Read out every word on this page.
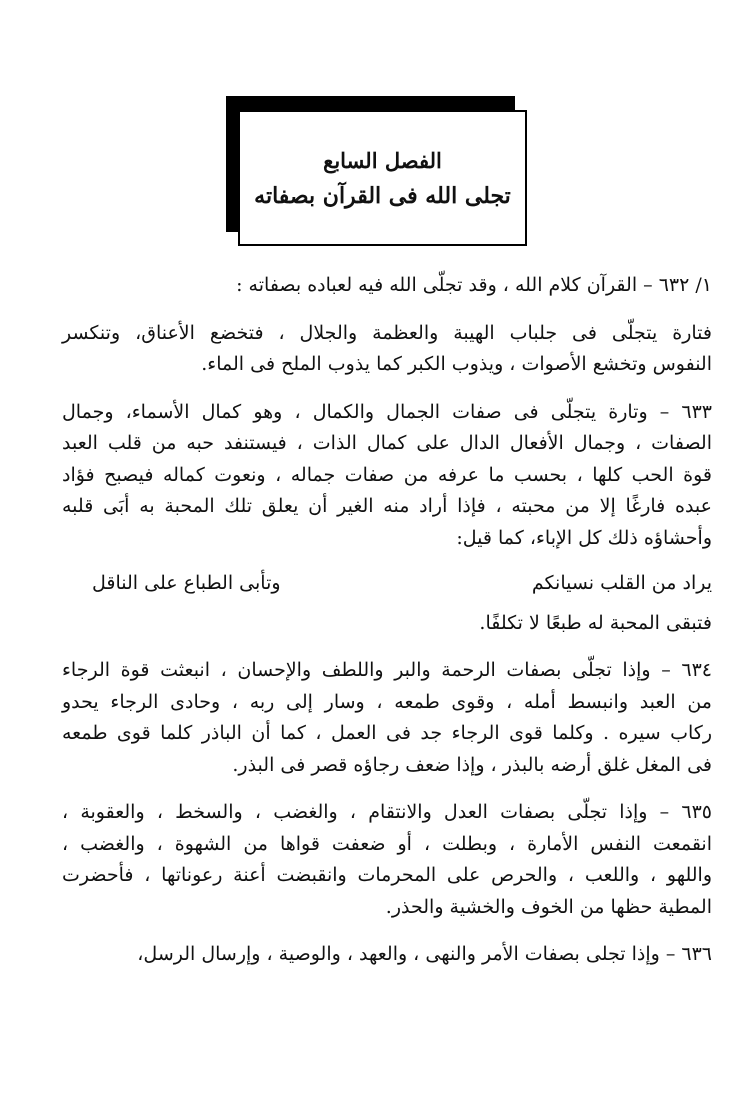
الفصل السابع
تجلى الله فى القرآن بصفاته

١/ ٦٣٢ – القرآن كلام الله ، وقد تجلّى الله فيه لعباده بصفاته :

فتارة يتجلّى فى جلباب الهيبة والعظمة والجلال ، فتخضع الأعناق، وتنكسر
النفوس وتخشع الأصوات ، ويذوب الكبر كما يذوب الملح فى الماء.

٦٣٣ – وتارة يتجلّى فى صفات الجمال والكمال ، وهو كمال الأسماء، وجمال
الصفات ، وجمال الأفعال الدال على كمال الذات ، فيستنفد حبه من قلب العبد
قوة الحب كلها ، بحسب ما عرفه من صفات جماله ، ونعوت كماله فيصبح فؤاد
عبده فارغًا إلا من محبته ، فإذا أراد منه الغير أن يعلق تلك المحبة به أبَى قلبه
وأحشاؤه ذلك كل الإباء، كما قيل:

يراد من القلب نسيانكم
وتأبى الطباع على الناقل

فتبقى المحبة له طبعًا لا تكلفًا.

٦٣٤ – وإذا تجلّى بصفات الرحمة والبر واللطف والإحسان ، انبعثت قوة الرجاء
من العبد وانبسط أمله ، وقوى طمعه ، وسار إلى ربه ، وحادى الرجاء يحدو
ركاب سيره . وكلما قوى الرجاء جد فى العمل ، كما أن الباذر كلما قوى طمعه
فى المغل غلق أرضه بالبذر ، وإذا ضعف رجاؤه قصر فى البذر.

٦٣٥ – وإذا تجلّى بصفات العدل والانتقام ، والغضب ، والسخط ، والعقوبة ،
انقمعت النفس الأمارة ، وبطلت ، أو ضعفت قواها من الشهوة ، والغضب ،
واللهو ، واللعب ، والحرص على المحرمات وانقبضت أعنة رعوناتها ، فأحضرت
المطية حظها من الخوف والخشية والحذر.

٦٣٦ – وإذا تجلى بصفات الأمر والنهى ، والعهد ، والوصية ، وإرسال الرسل،
